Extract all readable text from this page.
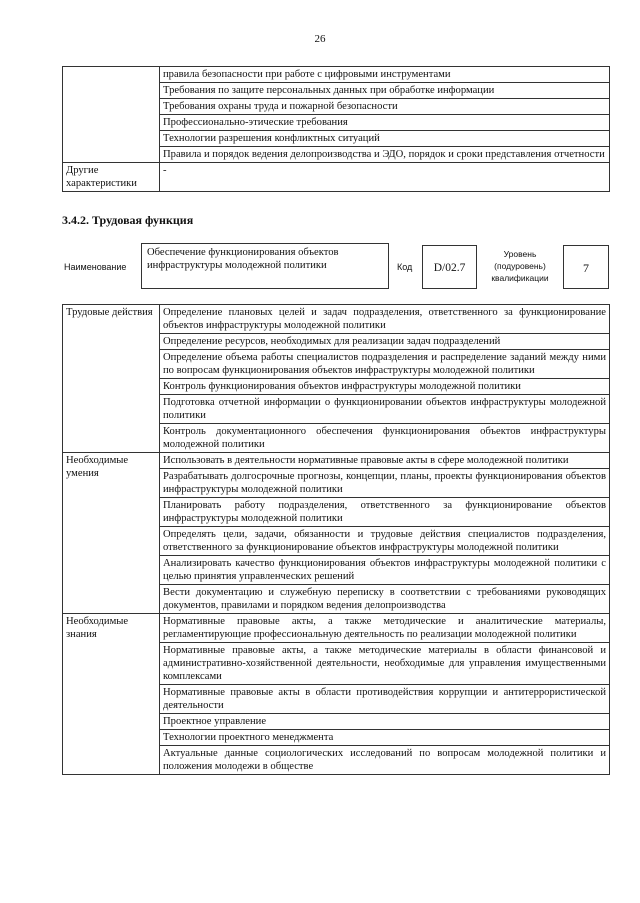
26
	правила безопасности при работе с цифровыми инструментами
	Требования по защите персональных данных при обработке информации
	Требования охраны труда и пожарной безопасности
	Профессионально-этические требования
	Технологии разрешения конфликтных ситуаций
	Правила и порядок ведения делопроизводства и ЭДО, порядок и сроки представления отчетности
Другие характеристики	-
3.4.2. Трудовая функция
Наименование
Обеспечение функционирования объектов инфраструктуры молодежной политики	Код	D/02.7
Уровень (подуровень) квалификации
7
Трудовые действия	Определение плановых целей и задач подразделения, ответственного за функционирование объектов инфраструктуры молодежной политики
	Определение ресурсов, необходимых для реализации задач подразделений
	Определение объема работы специалистов подразделения и распределение заданий между ними по вопросам функционирования объектов инфраструктуры молодежной политики
	Контроль функционирования объектов инфраструктуры молодежной политики
	Подготовка отчетной информации о функционировании объектов инфраструктуры молодежной политики
	Контроль документационного обеспечения функционирования объектов инфраструктуры молодежной политики
Необходимые умения	Использовать в деятельности нормативные правовые акты в сфере молодежной политики
	Разрабатывать долгосрочные прогнозы, концепции, планы, проекты функционирования объектов инфраструктуры молодежной политики
	Планировать работу подразделения, ответственного за функционирование объектов инфраструктуры молодежной политики
	Определять цели, задачи, обязанности и трудовые действия специалистов подразделения, ответственного за функционирование объектов инфраструктуры молодежной политики
	Анализировать качество функционирования объектов инфраструктуры молодежной политики с целью принятия управленческих решений
	Вести документацию и служебную переписку в соответствии с требованиями руководящих документов, правилами и порядком ведения делопроизводства
Необходимые знания	Нормативные правовые акты, а также методические и аналитические материалы, регламентирующие профессиональную деятельность по реализации молодежной политики
	Нормативные правовые акты, а также методические материалы в области финансовой и административно-хозяйственной деятельности, необходимые для управления имущественными комплексами
	Нормативные правовые акты в области противодействия коррупции и антитеррористической деятельности
	Проектное управление
	Технологии проектного менеджмента
	Актуальные данные социологических исследований по вопросам молодежной политики и положения молодежи в обществе
